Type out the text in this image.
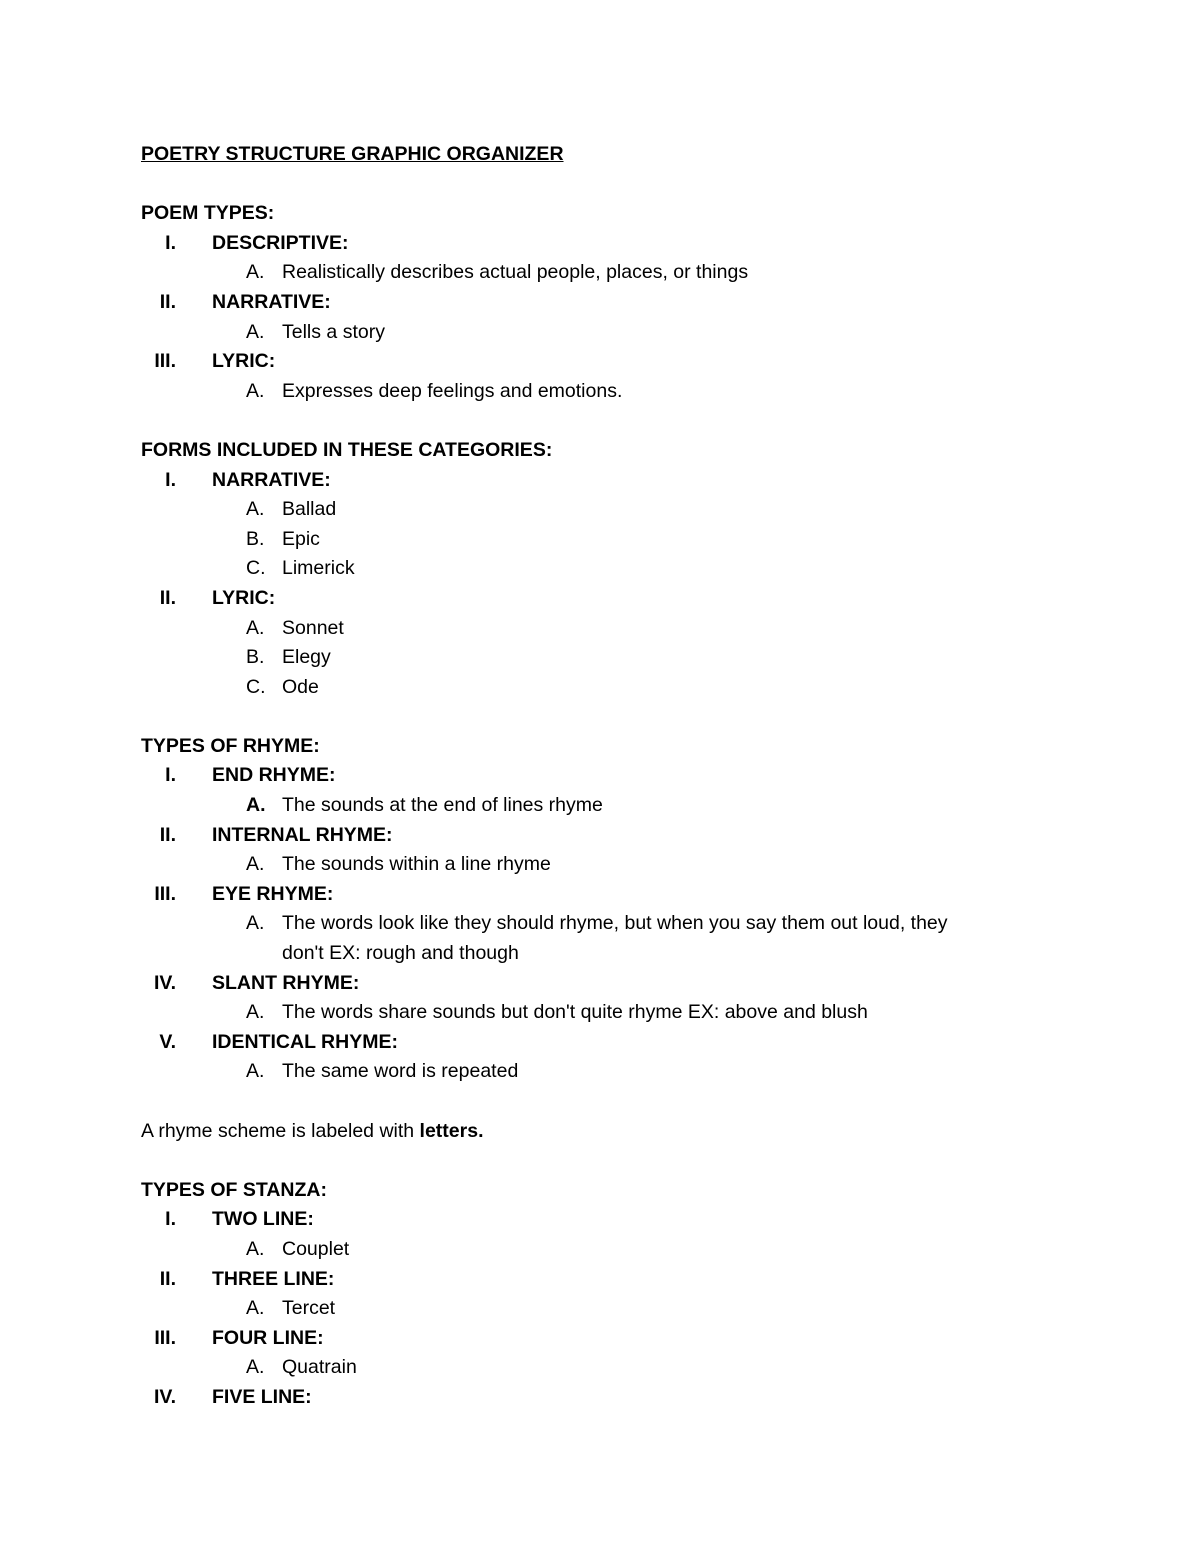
POETRY STRUCTURE GRAPHIC ORGANIZER
POEM TYPES:
I. DESCRIPTIVE:
A. Realistically describes actual people, places, or things
II. NARRATIVE:
A. Tells a story
III. LYRIC:
A. Expresses deep feelings and emotions.
FORMS INCLUDED IN THESE CATEGORIES:
I. NARRATIVE:
A. Ballad
B. Epic
C. Limerick
II. LYRIC:
A. Sonnet
B. Elegy
C. Ode
TYPES OF RHYME:
I. END RHYME:
A. The sounds at the end of lines rhyme
II. INTERNAL RHYME:
A. The sounds within a line rhyme
III. EYE RHYME:
A. The words look like they should rhyme, but when you say them out loud, they
don't EX: rough and though
IV. SLANT RHYME:
A. The words share sounds but don't quite rhyme EX: above and blush
V. IDENTICAL RHYME:
A. The same word is repeated
A rhyme scheme is labeled with letters.
TYPES OF STANZA:
I. TWO LINE:
A. Couplet
II. THREE LINE:
A. Tercet
III. FOUR LINE:
A. Quatrain
IV. FIVE LINE:
